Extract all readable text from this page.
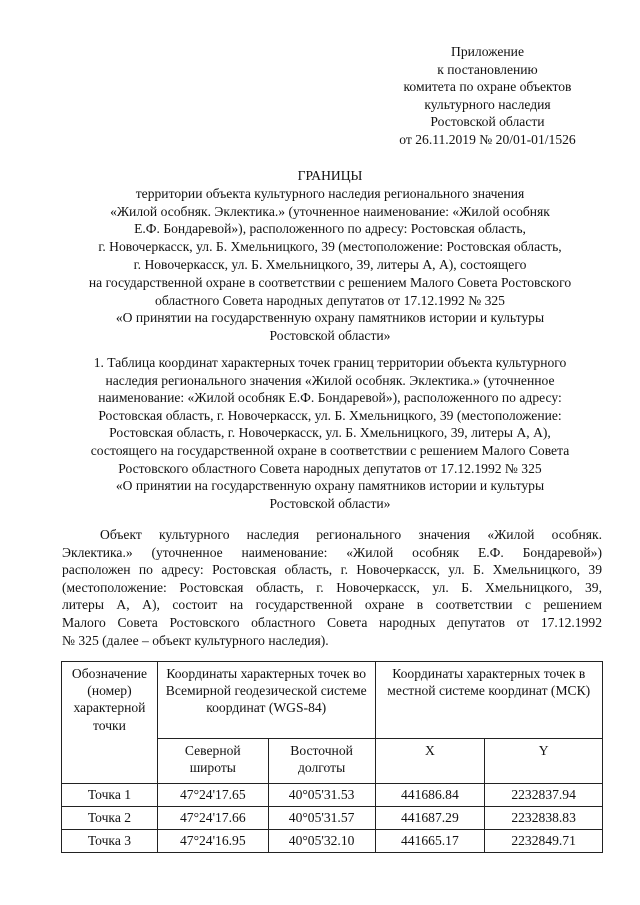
Приложение
к постановлению
комитета по охране объектов
культурного наследия
Ростовской области
от 26.11.2019 № 20/01-01/1526
ГРАНИЦЫ
территории объекта культурного наследия регионального значения
«Жилой особняк. Эклектика.» (уточненное наименование: «Жилой особняк
Е.Ф. Бондаревой»), расположенного по адресу: Ростовская область,
г. Новочеркасск, ул. Б. Хмельницкого, 39 (местоположение: Ростовская область,
г. Новочеркасск, ул. Б. Хмельницкого, 39, литеры А, А), состоящего
на государственной охране в соответствии с решением Малого Совета Ростовского
областного Совета народных депутатов от 17.12.1992 № 325
«О принятии на государственную охрану памятников истории и культуры
Ростовской области»
1. Таблица координат характерных точек границ территории объекта культурного
наследия регионального значения «Жилой особняк. Эклектика.» (уточненное
наименование: «Жилой особняк Е.Ф. Бондаревой»), расположенного по адресу:
Ростовская область, г. Новочеркасск, ул. Б. Хмельницкого, 39 (местоположение:
Ростовская область, г. Новочеркасск, ул. Б. Хмельницкого, 39, литеры А, А),
состоящего на государственной охране в соответствии с решением Малого Совета
Ростовского областного Совета народных депутатов от 17.12.1992 № 325
«О принятии на государственную охрану памятников истории и культуры
Ростовской области»
Объект культурного наследия регионального значения «Жилой особняк.
Эклектика.» (уточненное наименование: «Жилой особняк Е.Ф. Бондаревой»)
расположен по адресу: Ростовская область, г. Новочеркасск, ул. Б. Хмельницкого, 39
(местоположение: Ростовская область, г. Новочеркасск, ул. Б. Хмельницкого, 39,
литеры А, А), состоит на государственной охране в соответствии с решением
Малого Совета Ростовского областного Совета народных депутатов от 17.12.1992
№ 325 (далее – объект культурного наследия).
Обозначение (номер) характерной точки	Координаты характерных точек во Всемирной геодезической системе координат (WGS-84)		Координаты характерных точек в местной системе координат (МСК)	
	Северной широты	Восточной долготы	X	Y
Точка 1	47°24'17.65	40°05'31.53	441686.84	2232837.94
Точка 2	47°24'17.66	40°05'31.57	441687.29	2232838.83
Точка 3	47°24'16.95	40°05'32.10	441665.17	2232849.71
